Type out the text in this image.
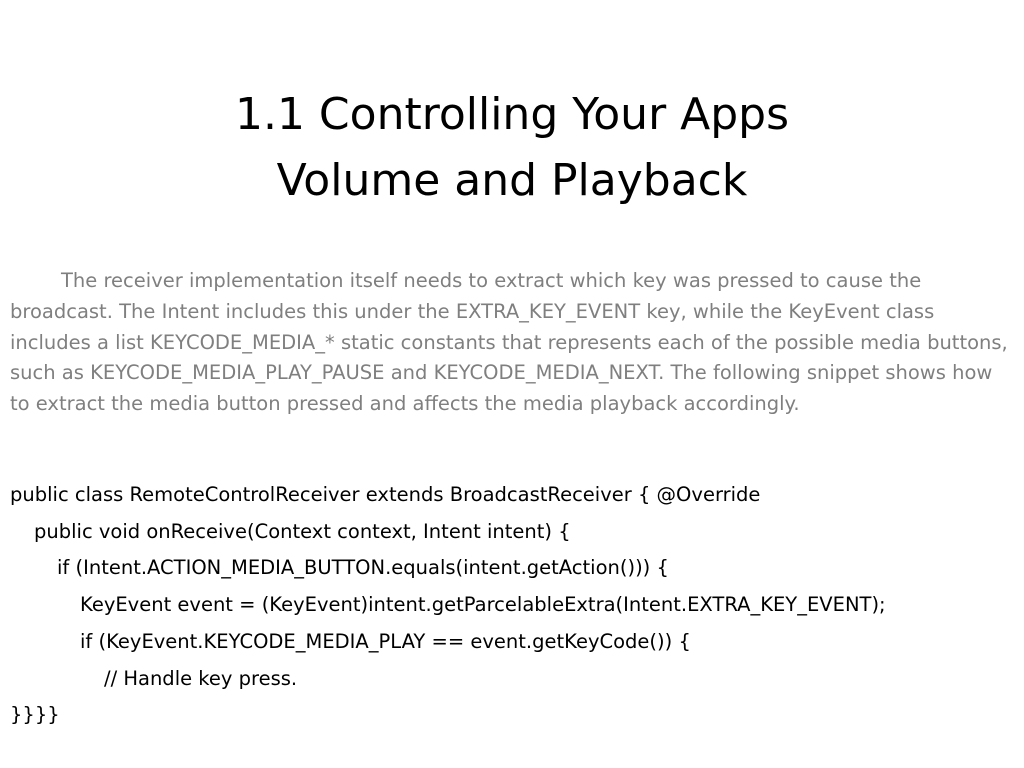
1.1 Controlling Your Apps
Volume and Playback

The receiver implementation itself needs to extract which key was pressed to cause the broadcast. The Intent includes this under the EXTRA_KEY_EVENT key, while the KeyEvent class includes a list KEYCODE_MEDIA_* static constants that represents each of the possible media buttons, such as KEYCODE_MEDIA_PLAY_PAUSE and KEYCODE_MEDIA_NEXT. The following snippet shows how to extract the media button pressed and affects the media playback accordingly.

public class RemoteControlReceiver extends BroadcastReceiver { @Override
public void onReceive(Context context, Intent intent) {
if (Intent.ACTION_MEDIA_BUTTON.equals(intent.getAction())) {
KeyEvent event = (KeyEvent)intent.getParcelableExtra(Intent.EXTRA_KEY_EVENT);
if (KeyEvent.KEYCODE_MEDIA_PLAY == event.getKeyCode()) {
// Handle key press.
}}}}
